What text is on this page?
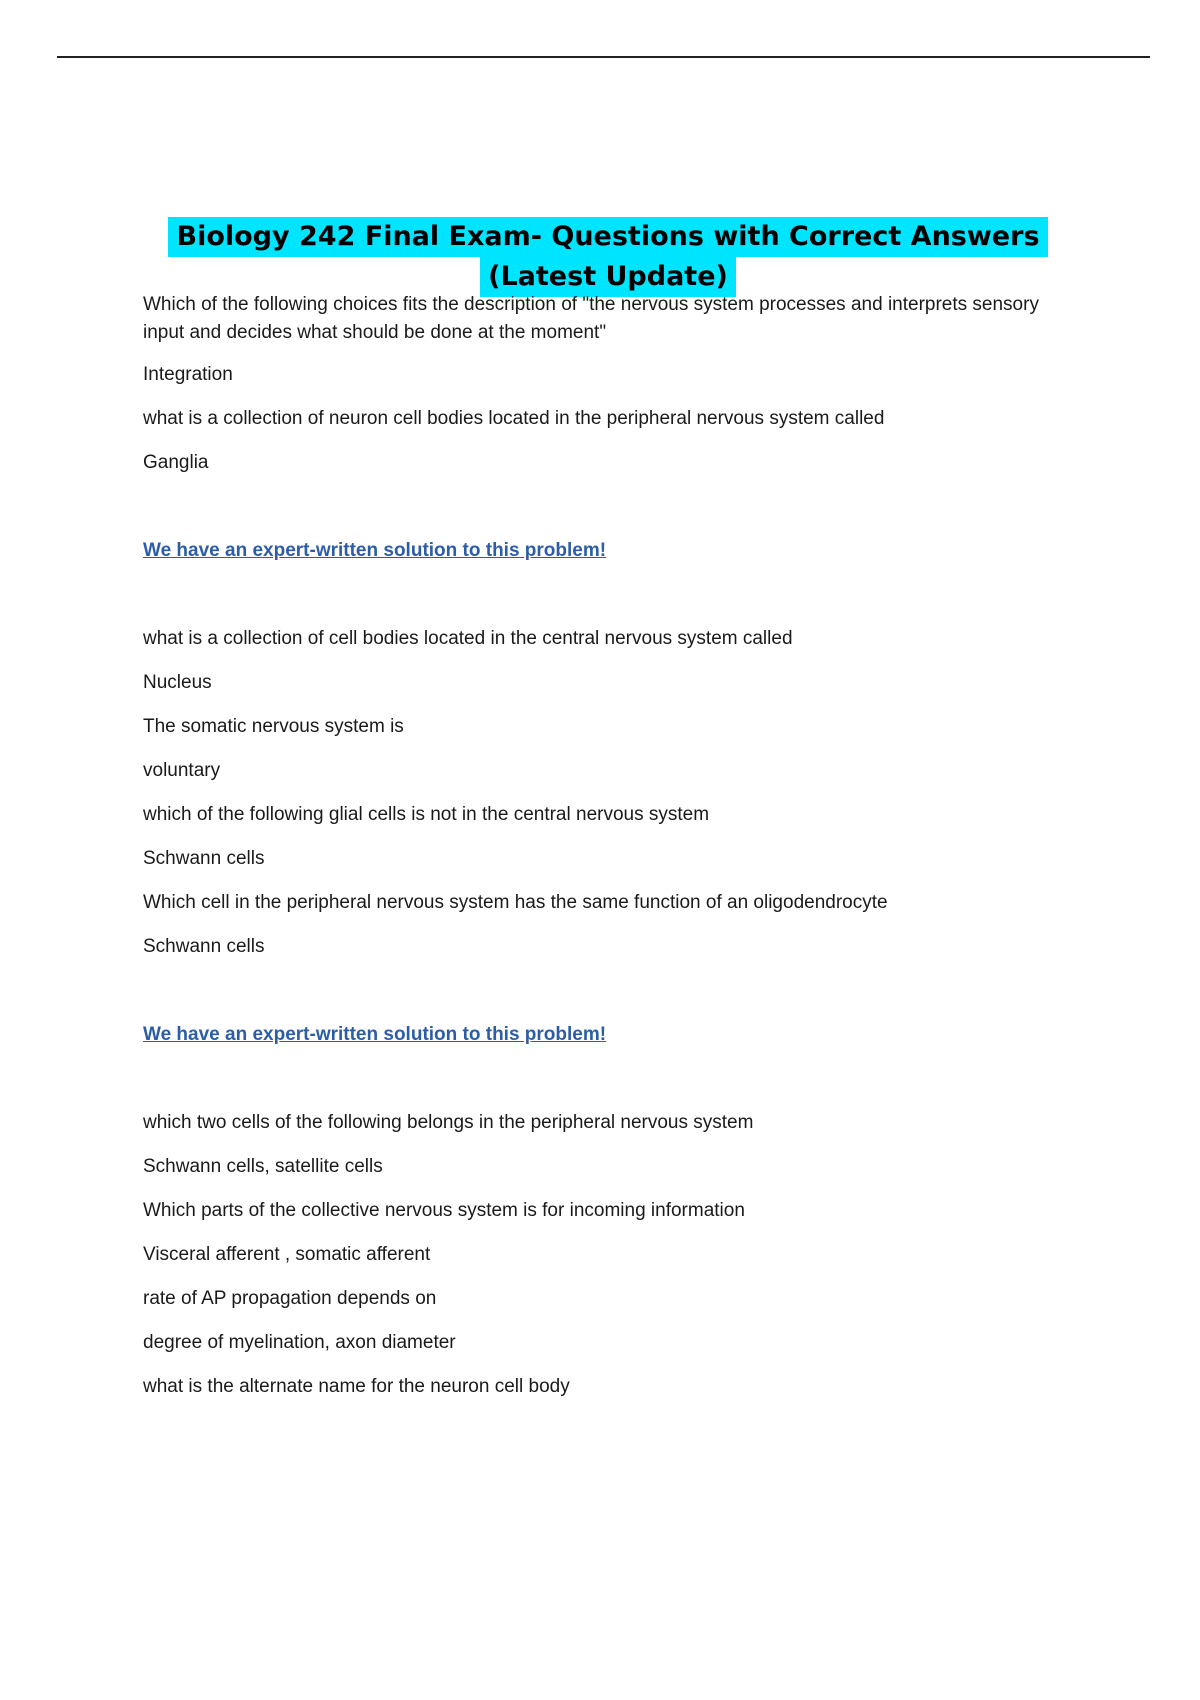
Biology 242 Final Exam- Questions with Correct Answers
(Latest Update)
Which of the following choices fits the description of "the nervous system processes and interprets sensory input and decides what should be done at the moment"
Integration
what is a collection of neuron cell bodies located in the peripheral nervous system called
Ganglia
We have an expert-written solution to this problem!
what is a collection of cell bodies located in the central nervous system called
Nucleus
The somatic nervous system is
voluntary
which of the following glial cells is not in the central nervous system
Schwann cells
Which cell in the peripheral nervous system has the same function of an oligodendrocyte
Schwann cells
We have an expert-written solution to this problem!
which two cells of the following belongs in the peripheral nervous system
Schwann cells, satellite cells
Which parts of the collective nervous system is for incoming information
Visceral afferent , somatic afferent
rate of AP propagation depends on
degree of myelination, axon diameter
what is the alternate name for the neuron cell body
